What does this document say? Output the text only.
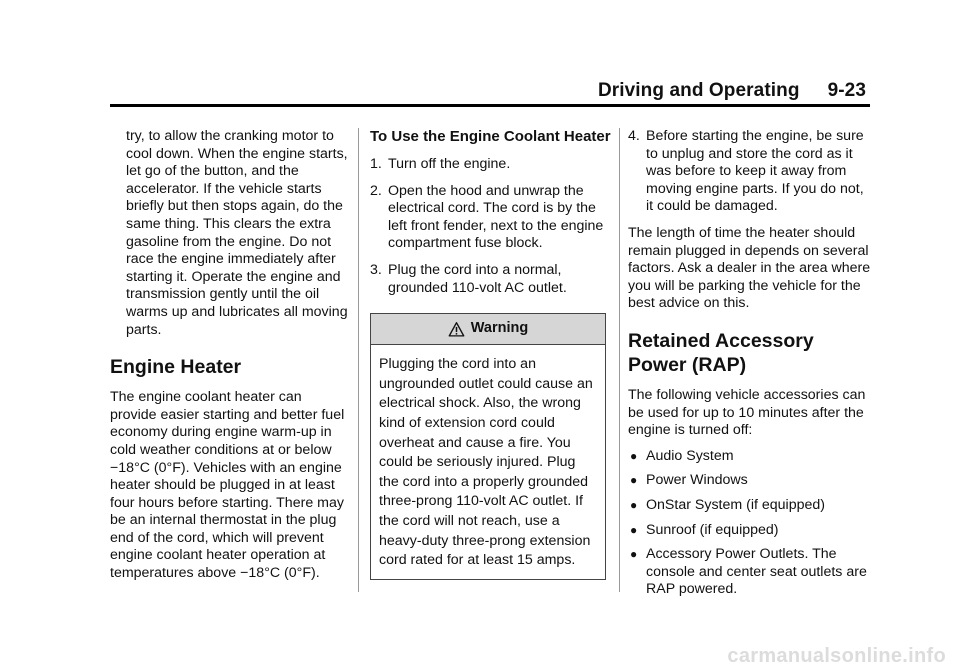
Driving and Operating 9-23

try, to allow the cranking motor to cool down. When the engine starts, let go of the button, and the accelerator. If the vehicle starts briefly but then stops again, do the same thing. This clears the extra gasoline from the engine. Do not race the engine immediately after starting it. Operate the engine and transmission gently until the oil warms up and lubricates all moving parts.

Engine Heater

The engine coolant heater can provide easier starting and better fuel economy during engine warm-up in cold weather conditions at or below −18°C (0°F). Vehicles with an engine heater should be plugged in at least four hours before starting. There may be an internal thermostat in the plug end of the cord, which will prevent engine coolant heater operation at temperatures above −18°C (0°F).

To Use the Engine Coolant Heater
1. Turn off the engine.
2. Open the hood and unwrap the electrical cord. The cord is by the left front fender, next to the engine compartment fuse block.
3. Plug the cord into a normal, grounded 110-volt AC outlet.
Warning
Plugging the cord into an ungrounded outlet could cause an electrical shock. Also, the wrong kind of extension cord could overheat and cause a fire. You could be seriously injured. Plug the cord into a properly grounded three-prong 110-volt AC outlet. If the cord will not reach, use a heavy-duty three-prong extension cord rated for at least 15 amps.
4. Before starting the engine, be sure to unplug and store the cord as it was before to keep it away from moving engine parts. If you do not, it could be damaged.

The length of time the heater should remain plugged in depends on several factors. Ask a dealer in the area where you will be parking the vehicle for the best advice on this.

Retained Accessory Power (RAP)

The following vehicle accessories can be used for up to 10 minutes after the engine is turned off:

● Audio System
● Power Windows
● OnStar System (if equipped)
● Sunroof (if equipped)
● Accessory Power Outlets. The console and center seat outlets are RAP powered.
carmanualsonline.info
